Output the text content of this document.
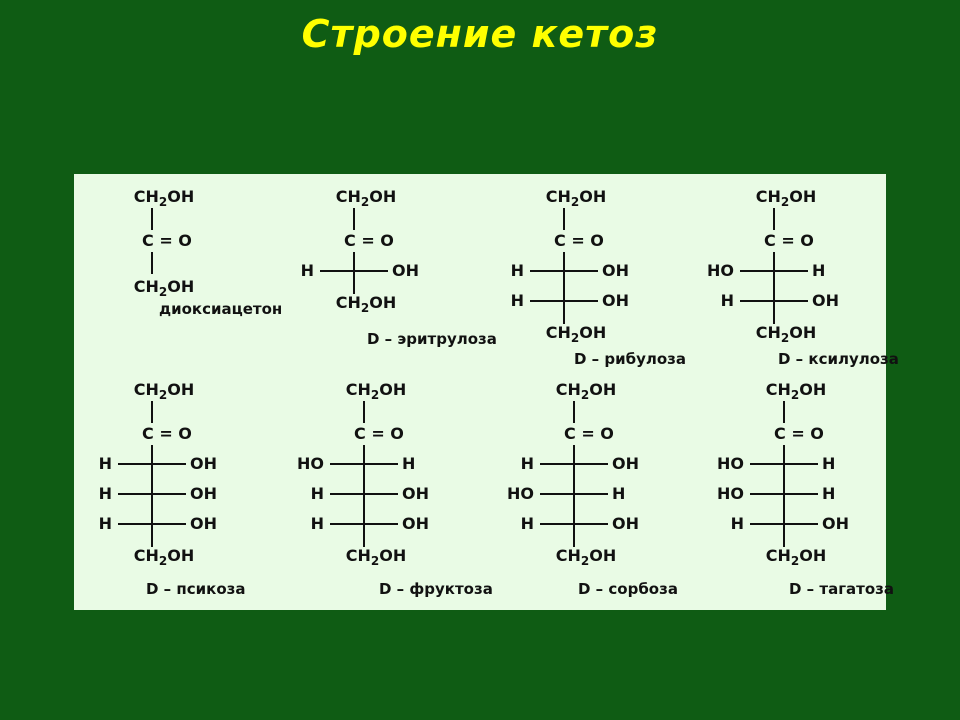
Строение кетоз
$CH_2OH$
C = O
$CH_2OH$
диоксиацетон
$CH_2OH$
C = O
H	OH
$CH_2OH$
D – эритрулоза
$CH_2OH$
C = O
H	OH
H	OH
$CH_2OH$
D – рибулоза
$CH_2OH$
C = O
HO	H
H	OH
$CH_2OH$
D – ксилулоза
$CH_2OH$
C = O
H	OH
H	OH
H	OH
$CH_2OH$
D – псикоза
$CH_2OH$
C = O
HO	H
H	OH
H	OH
$CH_2OH$
D – фруктоза
$CH_2OH$
C = O
H	OH
HO	H
H	OH
$CH_2OH$
D – сорбоза
$CH_2OH$
C = O
HO	H
HO	H
H	OH
$CH_2OH$
D – тагатоза
